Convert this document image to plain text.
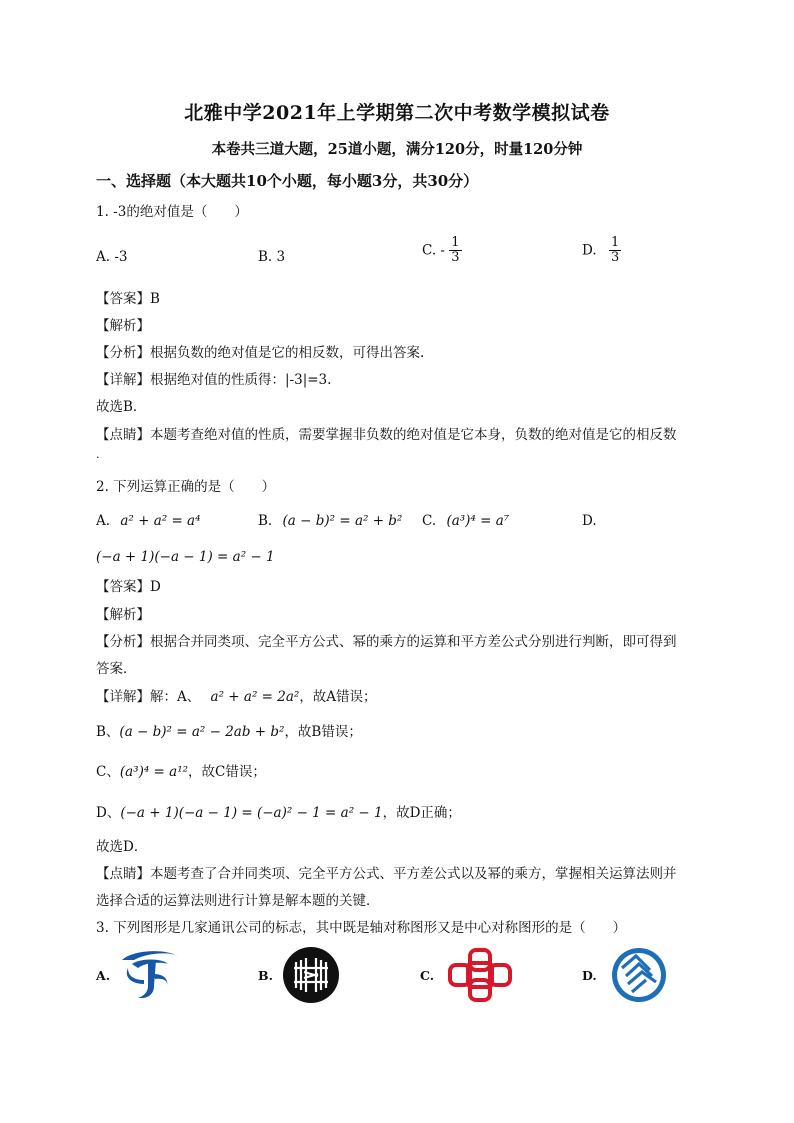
北雅中学2021年上学期第二次中考数学模拟试卷
本卷共三道大题，25道小题，满分120分，时量120分钟
一、选择题（本大题共10个小题，每小题3分，共30分）
1. -3的绝对值是（　　）
A. -3	B. 3	C. - $\frac{1}{3}$	D. $\frac{1}{3}$
【答案】B
【解析】
【分析】根据负数的绝对值是它的相反数，可得出答案.
【详解】根据绝对值的性质得：|-3|=3.
故选B．
【点睛】本题考查绝对值的性质，需要掌握非负数的绝对值是它本身，负数的绝对值是它的相反数
.
2. 下列运算正确的是（　　）
A. a² + a² = a⁴	B. (a − b)² = a² + b² C. (a³)⁴ = a⁷	D.
(−a + 1)(−a − 1) = a² − 1
【答案】D
【解析】
【分析】根据合并同类项、完全平方公式、幂的乘方的运算和平方差公式分别进行判断，即可得到
答案．
【详解】解：A、 a² + a² = 2a²，故A错误；
B、(a − b)² = a² − 2ab + b²，故B错误；
C、(a³)⁴ = a¹²，故C错误；
D、(−a + 1)(−a − 1) = (−a)² − 1 = a² − 1，故D正确；
故选D．
【点睛】本题考查了合并同类项、完全平方公式、平方差公式以及幂的乘方，掌握相关运算法则并
选择合适的运算法则进行计算是解本题的关键．
3. 下列图形是几家通讯公司的标志，其中既是轴对称图形又是中心对称图形的是（　　）
A.	B.	C.	D.
